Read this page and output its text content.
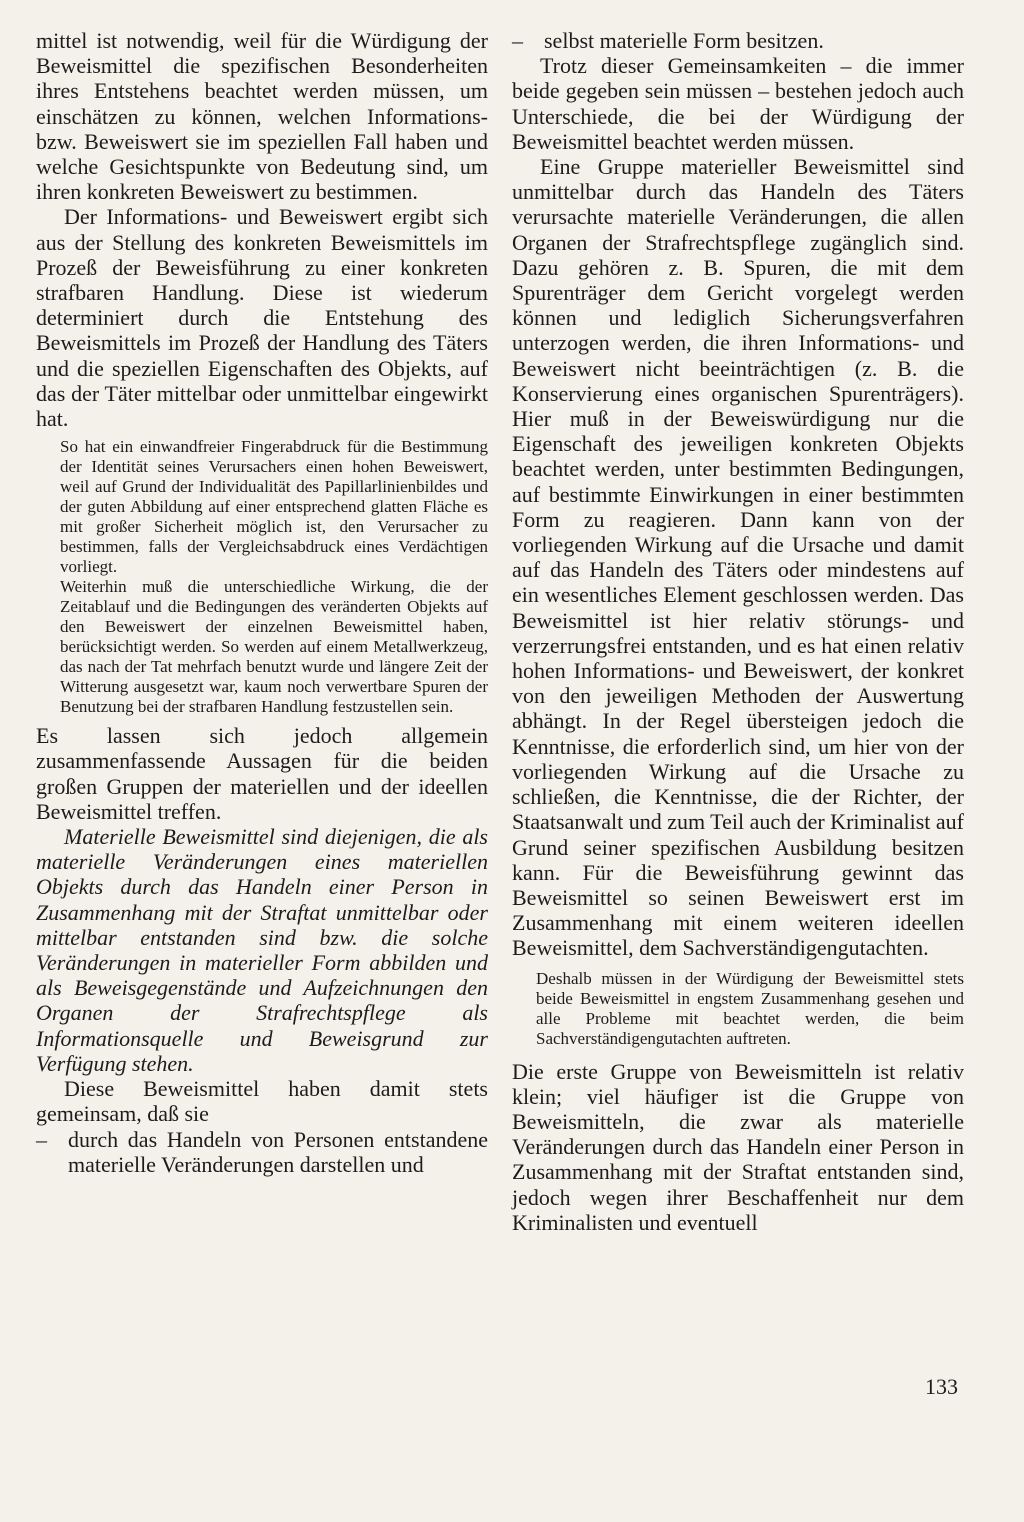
mittel ist notwendig, weil für die Würdigung der Beweismittel die spezifischen Besonderheiten ihres Entstehens beachtet werden müssen, um einschätzen zu können, welchen Informations- bzw. Beweiswert sie im speziellen Fall haben und welche Gesichtspunkte von Bedeutung sind, um ihren konkreten Beweiswert zu bestimmen.

Der Informations- und Beweiswert ergibt sich aus der Stellung des konkreten Beweismittels im Prozeß der Beweisführung zu einer konkreten strafbaren Handlung. Diese ist wiederum determiniert durch die Entstehung des Beweismittels im Prozeß der Handlung des Täters und die speziellen Eigenschaften des Objekts, auf das der Täter mittelbar oder unmittelbar eingewirkt hat.

So hat ein einwandfreier Fingerabdruck für die Bestimmung der Identität seines Verursachers einen hohen Beweiswert, weil auf Grund der Individualität des Papillarlinienbildes und der guten Abbildung auf einer entsprechend glatten Fläche es mit großer Sicherheit möglich ist, den Verursacher zu bestimmen, falls der Vergleichsabdruck eines Verdächtigen vorliegt.

Weiterhin muß die unterschiedliche Wirkung, die der Zeitablauf und die Bedingungen des veränderten Objekts auf den Beweiswert der einzelnen Beweismittel haben, berücksichtigt werden. So werden auf einem Metallwerkzeug, das nach der Tat mehrfach benutzt wurde und längere Zeit der Witterung ausgesetzt war, kaum noch verwertbare Spuren der Benutzung bei der strafbaren Handlung festzustellen sein.

Es lassen sich jedoch allgemein zusammenfassende Aussagen für die beiden großen Gruppen der materiellen und der ideellen Beweismittel treffen.

Materielle Beweismittel sind diejenigen, die als materielle Veränderungen eines materiellen Objekts durch das Handeln einer Person in Zusammenhang mit der Straftat unmittelbar oder mittelbar entstanden sind bzw. die solche Veränderungen in materieller Form abbilden und als Beweisgegenstände und Aufzeichnungen den Organen der Strafrechtspflege als Informationsquelle und Beweisgrund zur Verfügung stehen.

Diese Beweismittel haben damit stets gemeinsam, daß sie

– durch das Handeln von Personen entstandene materielle Veränderungen darstellen und
– selbst materielle Form besitzen.

Trotz dieser Gemeinsamkeiten – die immer beide gegeben sein müssen – bestehen jedoch auch Unterschiede, die bei der Würdigung der Beweismittel beachtet werden müssen.

Eine Gruppe materieller Beweismittel sind unmittelbar durch das Handeln des Täters verursachte materielle Veränderungen, die allen Organen der Strafrechtspflege zugänglich sind. Dazu gehören z. B. Spuren, die mit dem Spurenträger dem Gericht vorgelegt werden können und lediglich Sicherungsverfahren unterzogen werden, die ihren Informations- und Beweiswert nicht beeinträchtigen (z. B. die Konservierung eines organischen Spurenträgers). Hier muß in der Beweiswürdigung nur die Eigenschaft des jeweiligen konkreten Objekts beachtet werden, unter bestimmten Bedingungen, auf bestimmte Einwirkungen in einer bestimmten Form zu reagieren. Dann kann von der vorliegenden Wirkung auf die Ursache und damit auf das Handeln des Täters oder mindestens auf ein wesentliches Element geschlossen werden. Das Beweismittel ist hier relativ störungs- und verzerrungsfrei entstanden, und es hat einen relativ hohen Informations- und Beweiswert, der konkret von den jeweiligen Methoden der Auswertung abhängt. In der Regel übersteigen jedoch die Kenntnisse, die erforderlich sind, um hier von der vorliegenden Wirkung auf die Ursache zu schließen, die Kenntnisse, die der Richter, der Staatsanwalt und zum Teil auch der Kriminalist auf Grund seiner spezifischen Ausbildung besitzen kann. Für die Beweisführung gewinnt das Beweismittel so seinen Beweiswert erst im Zusammenhang mit einem weiteren ideellen Beweismittel, dem Sachverständigengutachten.

Deshalb müssen in der Würdigung der Beweismittel stets beide Beweismittel in engstem Zusammenhang gesehen und alle Probleme mit beachtet werden, die beim Sachverständigengutachten auftreten.

Die erste Gruppe von Beweismitteln ist relativ klein; viel häufiger ist die Gruppe von Beweismitteln, die zwar als materielle Veränderungen durch das Handeln einer Person in Zusammenhang mit der Straftat entstanden sind, jedoch wegen ihrer Beschaffenheit nur dem Kriminalisten und eventuell

133
